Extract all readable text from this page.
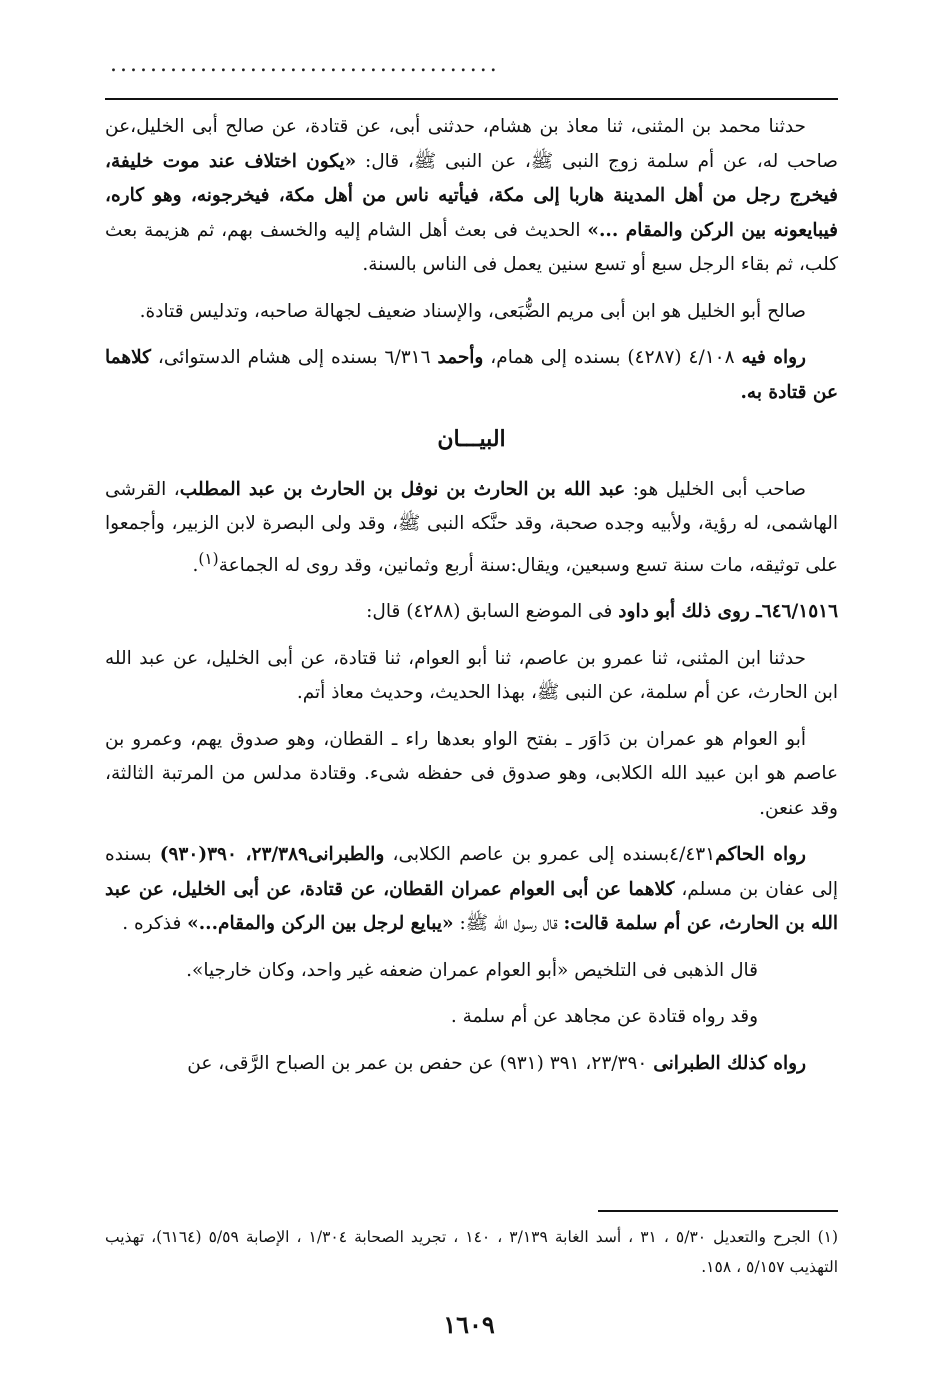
.......................................

حدثنا محمد بن المثنى، ثنا معاذ بن هشام، حدثنى أبى، عن قتادة، عن صالح أبى الخليل،عن صاحب له، عن أم سلمة زوج النبى ﷺ، عن النبى ﷺ، قال: «يكون اختلاف عند موت خليفة، فيخرج رجل من أهل المدينة هاربا إلى مكة، فيأتيه ناس من أهل مكة، فيخرجونه، وهو كاره، فيبايعونه بين الركن والمقام ...» الحديث فى بعث أهل الشام إليه والخسف بهم، ثم هزيمة بعث كلب، ثم بقاء الرجل سبع أو تسع سنين يعمل فى الناس بالسنة.

صالح أبو الخليل هو ابن أبى مريم الضُّبَعى، والإسناد ضعيف لجهالة صاحبه، وتدليس قتادة.

رواه فيه ٤/١٠٨ (٤٢٨٧) بسنده إلى همام، وأحمد ٦/٣١٦ بسنده إلى هشام الدستوائى، كلاهما عن قتادة به.

البيـــان

صاحب أبى الخليل هو: عبد الله بن الحارث بن نوفل بن الحارث بن عبد المطلب، القرشى الهاشمى، له رؤية، ولأبيه وجده صحبة، وقد حنَّكه النبى ﷺ، وقد ولى البصرة لابن الزبير، وأجمعوا على توثيقه، مات سنة تسع وسبعين، ويقال:سنة أربع وثمانين، وقد روى له الجماعة$^{(١)}$.

٦٤٦/١٥١٦ـ روى ذلك أبو داود فى الموضع السابق (٤٢٨٨) قال:

حدثنا ابن المثنى، ثنا عمرو بن عاصم، ثنا أبو العوام، ثنا قتادة، عن أبى الخليل، عن عبد الله ابن الحارث، عن أم سلمة، عن النبى ﷺ، بهذا الحديث، وحديث معاذ أتم.

أبو العوام هو عمران بن دَاوَر ـ بفتح الواو بعدها راء ـ القطان، وهو صدوق يهم، وعمرو بن عاصم هو ابن عبيد الله الكلابى، وهو صدوق فى حفظه شىء. وقتادة مدلس من المرتبة الثالثة، وقد عنعن.

رواه الحاكم٤/٤٣١بسنده إلى عمرو بن عاصم الكلابى، والطبرانى٢٣/٣٨٩، ٣٩٠(٩٣٠) بسنده إلى عفان بن مسلم، كلاهما عن أبى العوام عمران القطان، عن قتادة، عن أبى الخليل، عن عبد الله بن الحارث، عن أم سلمة قالت: قال رسول الله ﷺ: «يبايع لرجل بين الركن والمقام...» فذكره .

قال الذهبى فى التلخيص «أبو العوام عمران ضعفه غير واحد، وكان خارجيا».

وقد رواه قتادة عن مجاهد عن أم سلمة .

رواه كذلك الطبرانى ٢٣/٣٩٠، ٣٩١ (٩٣١) عن حفص بن عمر بن الصباح الرَّقى، عن

(١) الجرح والتعديل ٥/٣٠ ، ٣١ ، أسد الغابة ٣/١٣٩ ، ١٤٠ ، تجريد الصحابة ١/٣٠٤ ، الإصابة ٥/٥٩ (٦١٦٤)، تهذيب التهذيب ٥/١٥٧ ، ١٥٨.

١٦٠٩
